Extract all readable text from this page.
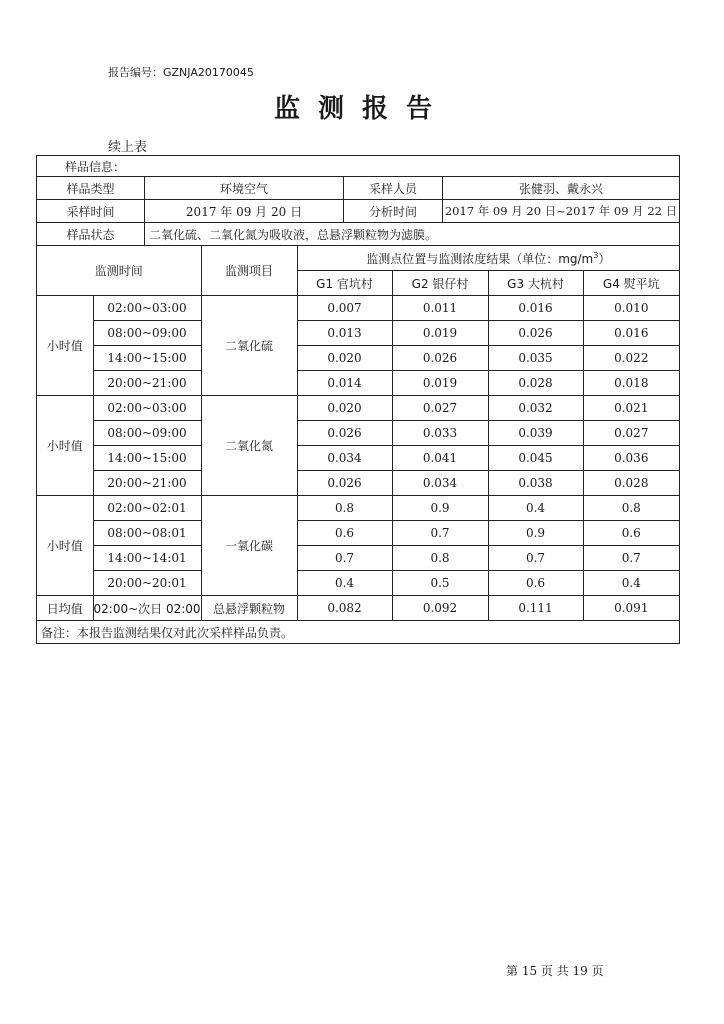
报告编号：GZNJA20170045
监测报告
续上表
样品信息：
样品类型	环境空气	采样人员	张健羽、戴永兴
采样时间	2017 年 09 月 20 日	分析时间	2017 年 09 月 20 日~2017 年 09 月 22 日
样品状态	二氧化硫、二氧化氮为吸收液，总悬浮颗粒物为滤膜。
监测时间		监测项目	监测点位置与监测浓度结果（单位：$mg/m^3$）			
			G1 官坑村	G2 银仔村	G3 大杭村	G4 熨平坑
小时值	02:00~03:00	二氧化硫	0.007	0.011	0.016	0.010
	08:00~09:00		0.013	0.019	0.026	0.016
	14:00~15:00		0.020	0.026	0.035	0.022
	20:00~21:00		0.014	0.019	0.028	0.018
小时值	02:00~03:00	二氧化氮	0.020	0.027	0.032	0.021
	08:00~09:00		0.026	0.033	0.039	0.027
	14:00~15:00		0.034	0.041	0.045	0.036
	20:00~21:00		0.026	0.034	0.038	0.028
小时值	02:00~02:01	一氧化碳	0.8	0.9	0.4	0.8
	08:00~08:01		0.6	0.7	0.9	0.6
	14:00~14:01		0.7	0.8	0.7	0.7
	20:00~20:01		0.4	0.5	0.6	0.4
日均值	02:00~次日 02:00	总悬浮颗粒物	0.082	0.092	0.111	0.091
备注：本报告监测结果仅对此次采样样品负责。
第 15 页 共 19 页
